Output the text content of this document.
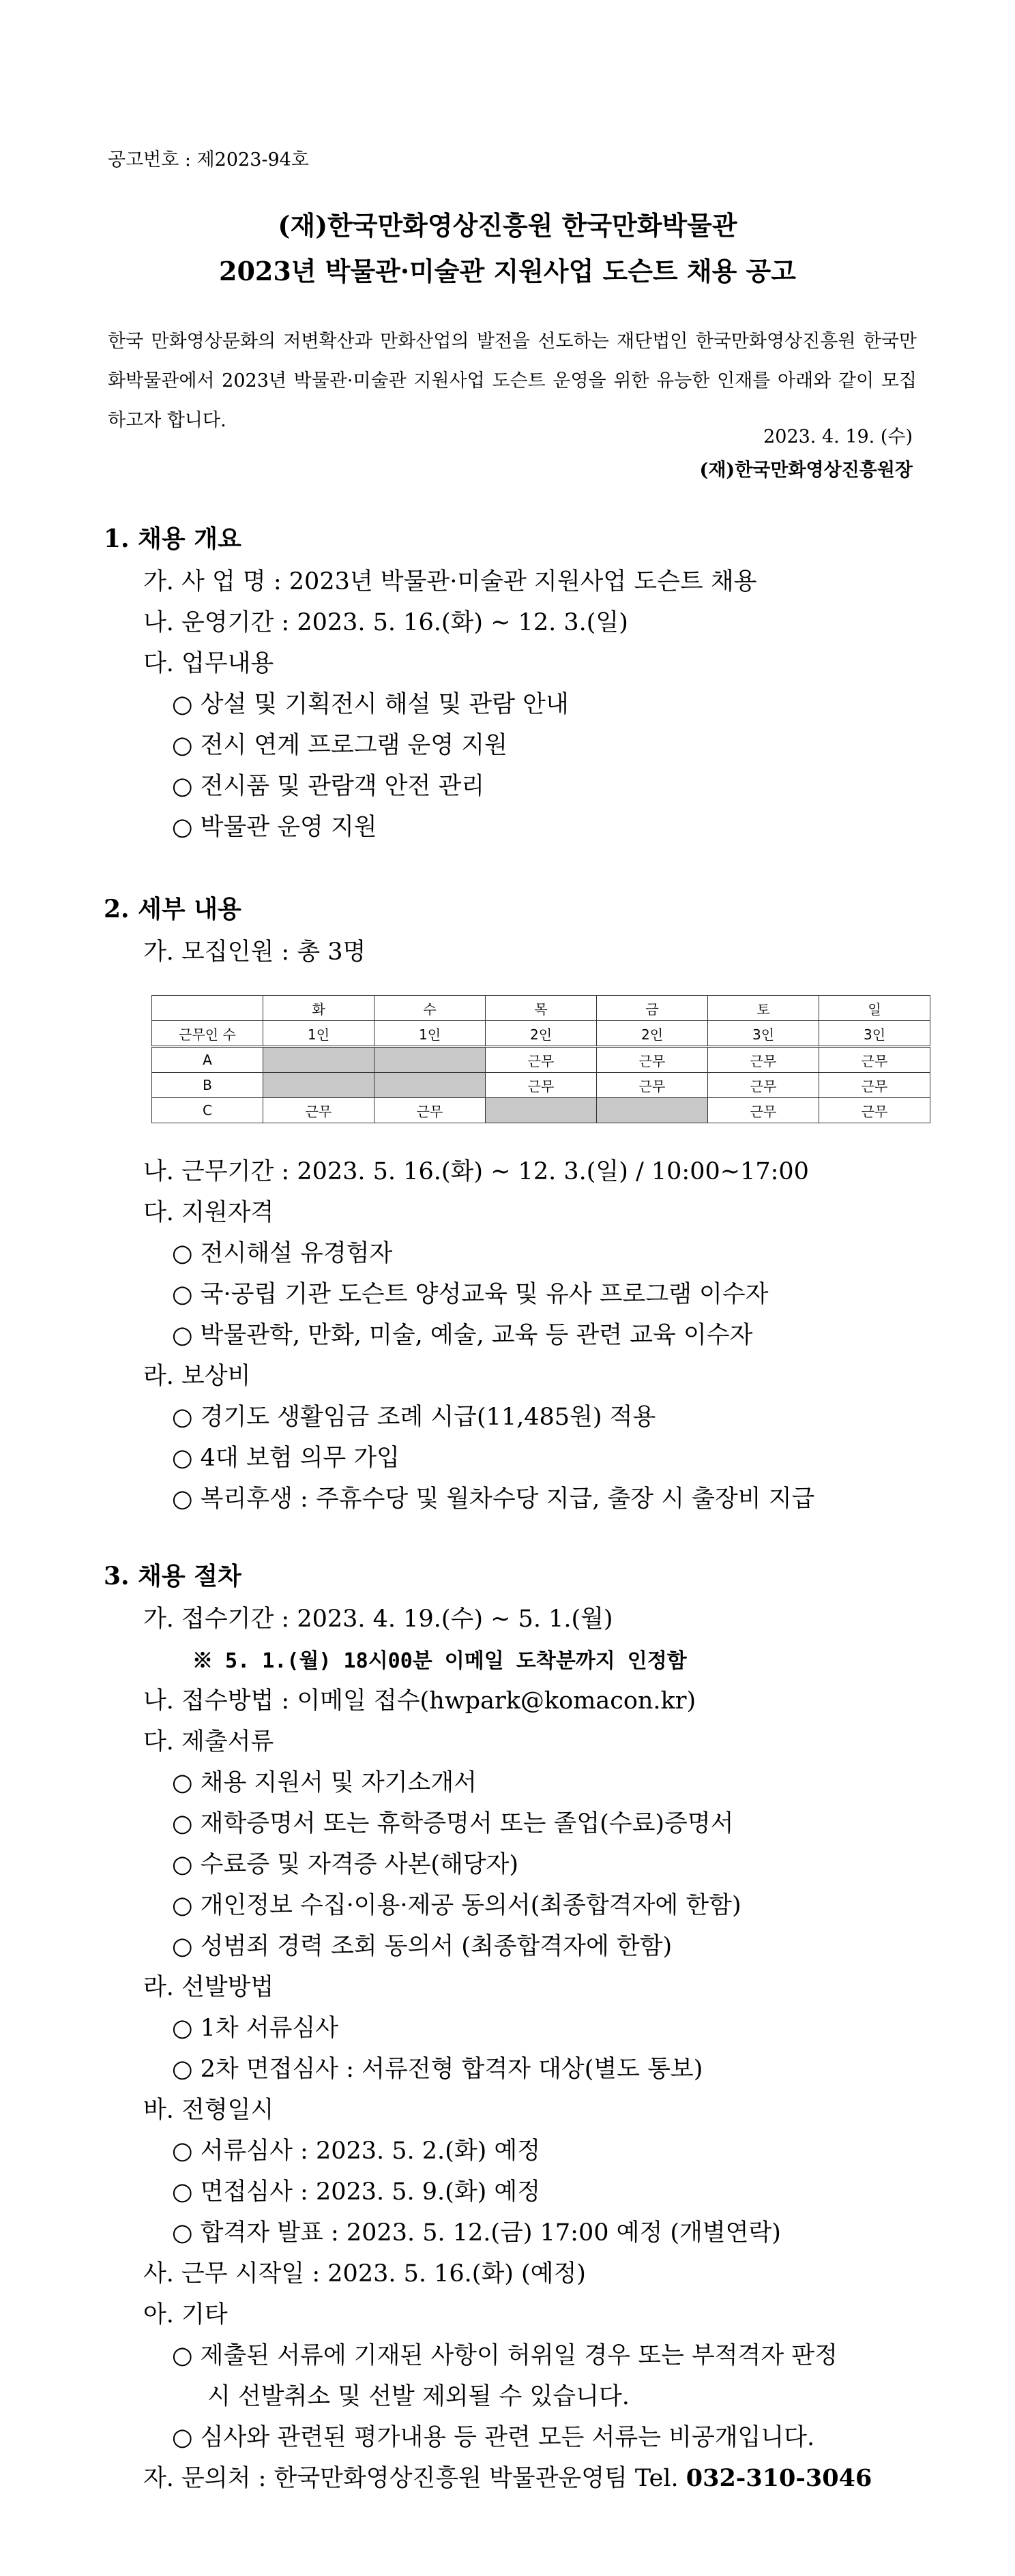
공고번호 : 제2023-94호
(재)한국만화영상진흥원 한국만화박물관
2023년 박물관·미술관 지원사업 도슨트 채용 공고
한국 만화영상문화의 저변확산과 만화산업의 발전을 선도하는 재단법인 한국만화영상진흥원 한국만화박물관에서 2023년 박물관·미술관 지원사업 도슨트 운영을 위한 유능한 인재를 아래와 같이 모집하고자 합니다.
2023. 4. 19. (수)
(재)한국만화영상진흥원장
1. 채용 개요
가. 사 업 명 : 2023년 박물관·미술관 지원사업 도슨트 채용
나. 운영기간 : 2023. 5. 16.(화) ~ 12. 3.(일)
다. 업무내용
○ 상설 및 기획전시 해설 및 관람 안내
○ 전시 연계 프로그램 운영 지원
○ 전시품 및 관람객 안전 관리
○ 박물관 운영 지원
2. 세부 내용
가. 모집인원 : 총 3명
	화	수	목	금	토	일
근무인 수	1인	1인	2인	2인	3인	3인
A			근무	근무	근무	근무
B			근무	근무	근무	근무
C	근무	근무			근무	근무
나. 근무기간 : 2023. 5. 16.(화) ~ 12. 3.(일) / 10:00~17:00
다. 지원자격
○ 전시해설 유경험자
○ 국·공립 기관 도슨트 양성교육 및 유사 프로그램 이수자
○ 박물관학, 만화, 미술, 예술, 교육 등 관련 교육 이수자
라. 보상비
○ 경기도 생활임금 조례 시급(11,485원) 적용
○ 4대 보험 의무 가입
○ 복리후생 : 주휴수당 및 월차수당 지급, 출장 시 출장비 지급
3. 채용 절차
가. 접수기간 : 2023. 4. 19.(수) ~ 5. 1.(월)
※ 5. 1.(월) 18시00분 이메일 도착분까지 인정함
나. 접수방법 : 이메일 접수(hwpark@komacon.kr)
다. 제출서류
○ 채용 지원서 및 자기소개서
○ 재학증명서 또는 휴학증명서 또는 졸업(수료)증명서
○ 수료증 및 자격증 사본(해당자)
○ 개인정보 수집·이용·제공 동의서(최종합격자에 한함)
○ 성범죄 경력 조회 동의서 (최종합격자에 한함)
라. 선발방법
○ 1차 서류심사
○ 2차 면접심사 : 서류전형 합격자 대상(별도 통보)
바. 전형일시
○ 서류심사 : 2023. 5. 2.(화) 예정
○ 면접심사 : 2023. 5. 9.(화) 예정
○ 합격자 발표 : 2023. 5. 12.(금) 17:00 예정 (개별연락)
사. 근무 시작일 : 2023. 5. 16.(화) (예정)
아. 기타
○ 제출된 서류에 기재된 사항이 허위일 경우 또는 부적격자 판정
시 선발취소 및 선발 제외될 수 있습니다.
○ 심사와 관련된 평가내용 등 관련 모든 서류는 비공개입니다.
자. 문의처 : 한국만화영상진흥원 박물관운영팀 Tel. 032-310-3046
